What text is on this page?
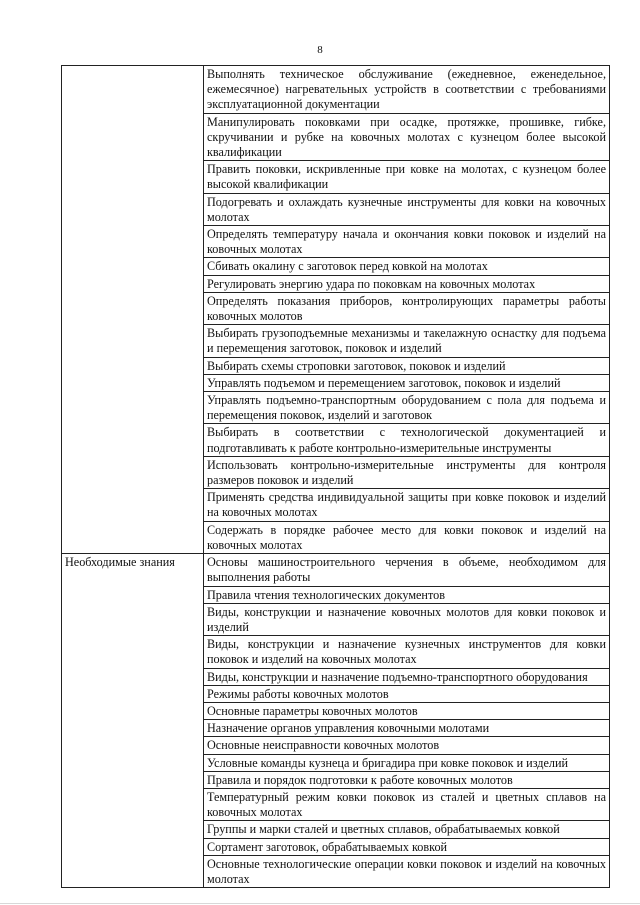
8
	Выполнять техническое обслуживание (ежедневное, еженедельное, ежемесячное) нагревательных устройств в соответствии с требованиями эксплуатационной документации
	Манипулировать поковками при осадке, протяжке, прошивке, гибке, скручивании и рубке на ковочных молотах с кузнецом более высокой квалификации
	Править поковки, искривленные при ковке на молотах, с кузнецом более высокой квалификации
	Подогревать и охлаждать кузнечные инструменты для ковки на ковочных молотах
	Определять температуру начала и окончания ковки поковок и изделий на ковочных молотах
	Сбивать окалину с заготовок перед ковкой на молотах
	Регулировать энергию удара по поковкам на ковочных молотах
	Определять показания приборов, контролирующих параметры работы ковочных молотов
	Выбирать грузоподъемные механизмы и такелажную оснастку для подъема и перемещения заготовок, поковок и изделий
	Выбирать схемы строповки заготовок, поковок и изделий
	Управлять подъемом и перемещением заготовок, поковок и изделий
	Управлять подъемно-транспортным оборудованием с пола для подъема и перемещения поковок, изделий и заготовок
	Выбирать в соответствии с технологической документацией и подготавливать к работе контрольно-измерительные инструменты
	Использовать контрольно-измерительные инструменты для контроля размеров поковок и изделий
	Применять средства индивидуальной защиты при ковке поковок и изделий на ковочных молотах
	Содержать в порядке рабочее место для ковки поковок и изделий на ковочных молотах
Необходимые знания	Основы машиностроительного черчения в объеме, необходимом для выполнения работы
	Правила чтения технологических документов
	Виды, конструкции и назначение ковочных молотов для ковки поковок и изделий
	Виды, конструкции и назначение кузнечных инструментов для ковки поковок и изделий на ковочных молотах
	Виды, конструкции и назначение подъемно-транспортного оборудования
	Режимы работы ковочных молотов
	Основные параметры ковочных молотов
	Назначение органов управления ковочными молотами
	Основные неисправности ковочных молотов
	Условные команды кузнеца и бригадира при ковке поковок и изделий
	Правила и порядок подготовки к работе ковочных молотов
	Температурный режим ковки поковок из сталей и цветных сплавов на ковочных молотах
	Группы и марки сталей и цветных сплавов, обрабатываемых ковкой
	Сортамент заготовок, обрабатываемых ковкой
	Основные технологические операции ковки поковок и изделий на ковочных молотах
